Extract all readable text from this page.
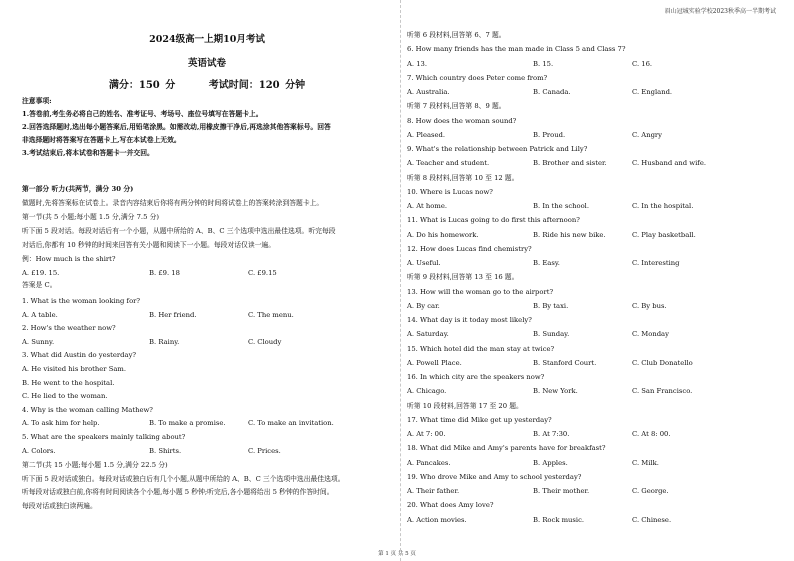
眉山冠城实验学校2023秋季高一半期考试
2024级高一上期10月考试
英语试卷
满分：150 分	考试时间：120 分钟
注意事项:
1.答卷前,考生务必将自己的姓名、准考证号、考场号、座位号填写在答题卡上。
2.回答选择题时,选出每小题答案后,用铅笔涂黑。如需改动,用橡皮擦干净后,再选涂其他答案标号。回答
非选择题时将答案写在答题卡上,写在本试卷上无效。
3.考试结束后,将本试卷和答题卡一并交回。
第一部分 听力(共两节，满分 30 分)
做题时,先将答案标在试卷上。录音内容结束后你将有两分钟的时间将试卷上的答案转涂到答题卡上。
第一节(共 5 小题;每小题 1.5 分,满分 7.5 分)
听下面 5 段对话。每段对话后有一个小题，从题中所给的 A、B、C 三个选项中选出最佳选项。听完每段
对话后,你都有 10 秒钟的时间来回答有关小题和阅读下一小题。每段对话仅读一遍。
例：How much is the shirt?
A. £19. 15.	B. £9. 18	C. £9.15
答案是 C。
1. What is the woman looking for?
A. A table.	B. Her friend.	C. The menu.
2. How's the weather now?
A. Sunny.	B. Rainy.	C. Cloudy
3. What did Austin do yesterday?
A. He visited his brother Sam.
B. He went to the hospital.
C. He lied to the woman.
4. Why is the woman calling Mathew?
A. To ask him for help.	B. To make a promise.	C. To make an invitation.
5. What are the speakers mainly talking about?
A. Colors.	B. Shirts.	C. Prices.
第二节(共 15 小题;每小题 1.5 分,满分 22.5 分)
听下面 5 段对话或独白。每段对话或独白后有几个小题,从题中所给的 A、B、C 三个选项中选出最佳选项。
听每段对话或独白前,你将有时间阅读各个小题,每小题 5 秒钟;听完后,各小题将给出 5 秒钟的作答时间。
每段对话或独白读两遍。
听第 6 段材料,回答第 6、7 题。
6. How many friends has the man made in Class 5 and Class 7?
A. 13.	B. 15.	C. 16.
7. Which country does Peter come from?
A. Australia.	B. Canada.	C. England.
听第 7 段材料,回答第 8、9 题。
8. How does the woman sound?
A. Pleased.	B. Proud.	C. Angry
9. What's the relationship between Patrick and Lily?
A. Teacher and student.	B. Brother and sister.	C. Husband and wife.
听第 8 段材料,回答第 10 至 12 题。
10. Where is Lucas now?
A. At home.	B. In the school.	C. In the hospital.
11. What is Lucas going to do first this afternoon?
A. Do his homework.	B. Ride his new bike.	C. Play basketball.
12. How does Lucas find chemistry?
A. Useful.	B. Easy.	C. Interesting
听第 9 段材料,回答第 13 至 16 题。
13. How will the woman go to the airport?
A. By car.	B. By taxi.	C. By bus.
14. What day is it today most likely?
A. Saturday.	B. Sunday.	C. Monday
15. Which hotel did the man stay at twice?
A. Powell Place.	B. Stanford Court.	C. Club Donatello
16. In which city are the speakers now?
A. Chicago.	B. New York.	C. San Francisco.
听第 10 段材料,回答第 17 至 20 题。
17. What time did Mike get up yesterday?
A. At 7: 00.	B. At 7:30.	C. At 8: 00.
18. What did Mike and Amy's parents have for breakfast?
A. Pancakes.	B. Apples.	C. Milk.
19. Who drove Mike and Amy to school yesterday?
A. Their father.	B. Their mother.	C. George.
20. What does Amy love?
A. Action movies.	B. Rock music.	C. Chinese.
第 1 页 共 5 页
